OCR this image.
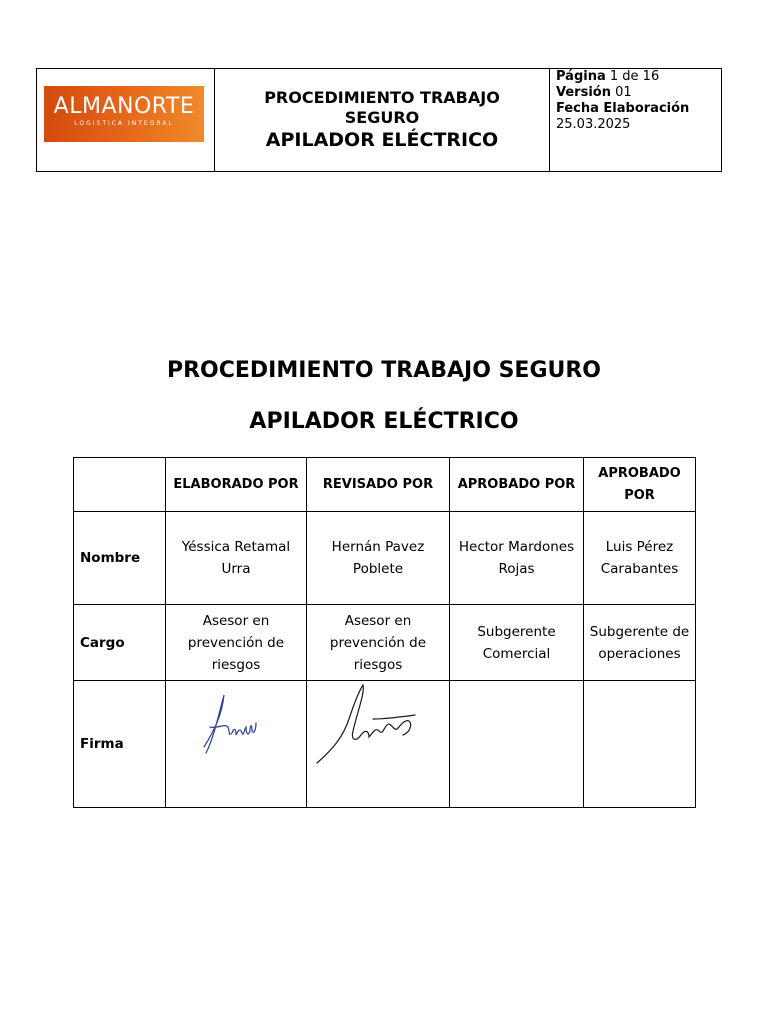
ALMANORTE
LOGISTICA INTEGRAL
PROCEDIMIENTO TRABAJO SEGURO
APILADOR ELÉCTRICO
Página 1 de 16
Versión 01
Fecha Elaboración
25.03.2025
PROCEDIMIENTO TRABAJO SEGURO
APILADOR ELÉCTRICO
	ELABORADO POR	REVISADO POR	APROBADO POR	APROBADO POR
Nombre	Yéssica Retamal Urra	Hernán Pavez Poblete	Hector Mardones Rojas	Luis Pérez Carabantes
Cargo	Asesor en prevención de riesgos	Asesor en prevención de riesgos	Subgerente Comercial	Subgerente de operaciones
Firma	
